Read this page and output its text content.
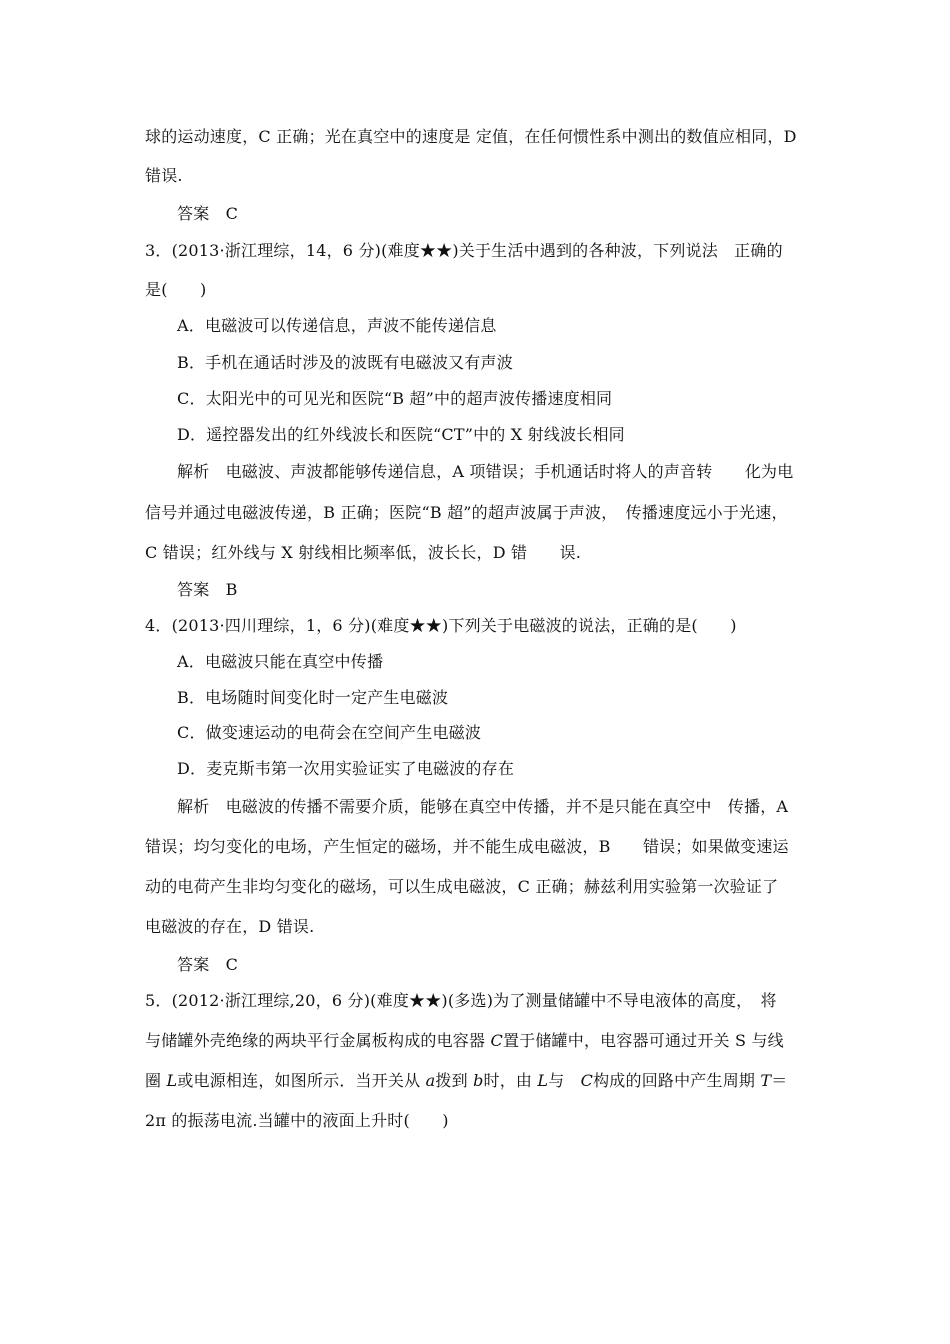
球的运动速度，C 正确；光在真空中的速度是 定值，在任何惯性系中测出的数值应相同，D
错误.
答案　C
3．(2013·浙江理综，14，6 分)(难度★★)关于生活中遇到的各种波，下列说法　正确的
是(　　)
A．电磁波可以传递信息，声波不能传递信息
B．手机在通话时涉及的波既有电磁波又有声波
C．太阳光中的可见光和医院“B 超”中的超声波传播速度相同
D．遥控器发出的红外线波长和医院“CT”中的 X 射线波长相同
解析　电磁波、声波都能够传递信息，A 项错误；手机通话时将人的声音转　　化为电
信号并通过电磁波传递，B 正确；医院“B 超”的超声波属于声波，　传播速度远小于光速，
C 错误；红外线与 X 射线相比频率低，波长长，D 错　　误.
答案　B
4．(2013·四川理综，1，6 分)(难度★★)下列关于电磁波的说法，正确的是(　　)
A．电磁波只能在真空中传播
B．电场随时间变化时一定产生电磁波
C．做变速运动的电荷会在空间产生电磁波
D．麦克斯韦第一次用实验证实了电磁波的存在
解析　电磁波的传播不需要介质，能够在真空中传播，并不是只能在真空中　传播，A
错误；均匀变化的电场，产生恒定的磁场，并不能生成电磁波，B　　错误；如果做变速运
动的电荷产生非均匀变化的磁场，可以生成电磁波，C 正确；赫兹利用实验第一次验证了
电磁波的存在，D 错误.
答案　C
5．(2012·浙江理综,20，6 分)(难度★★)(多选)为了测量储罐中不导电液体的高度，　将
与储罐外壳绝缘的两块平行金属板构成的电容器 C置于储罐中，电容器可通过开关 S 与线
圈 L或电源相连，如图所示．当开关从 a拨到 b时，由 L与　C构成的回路中产生周期 T＝
2π 的振荡电流.当罐中的液面上升时(　　)
